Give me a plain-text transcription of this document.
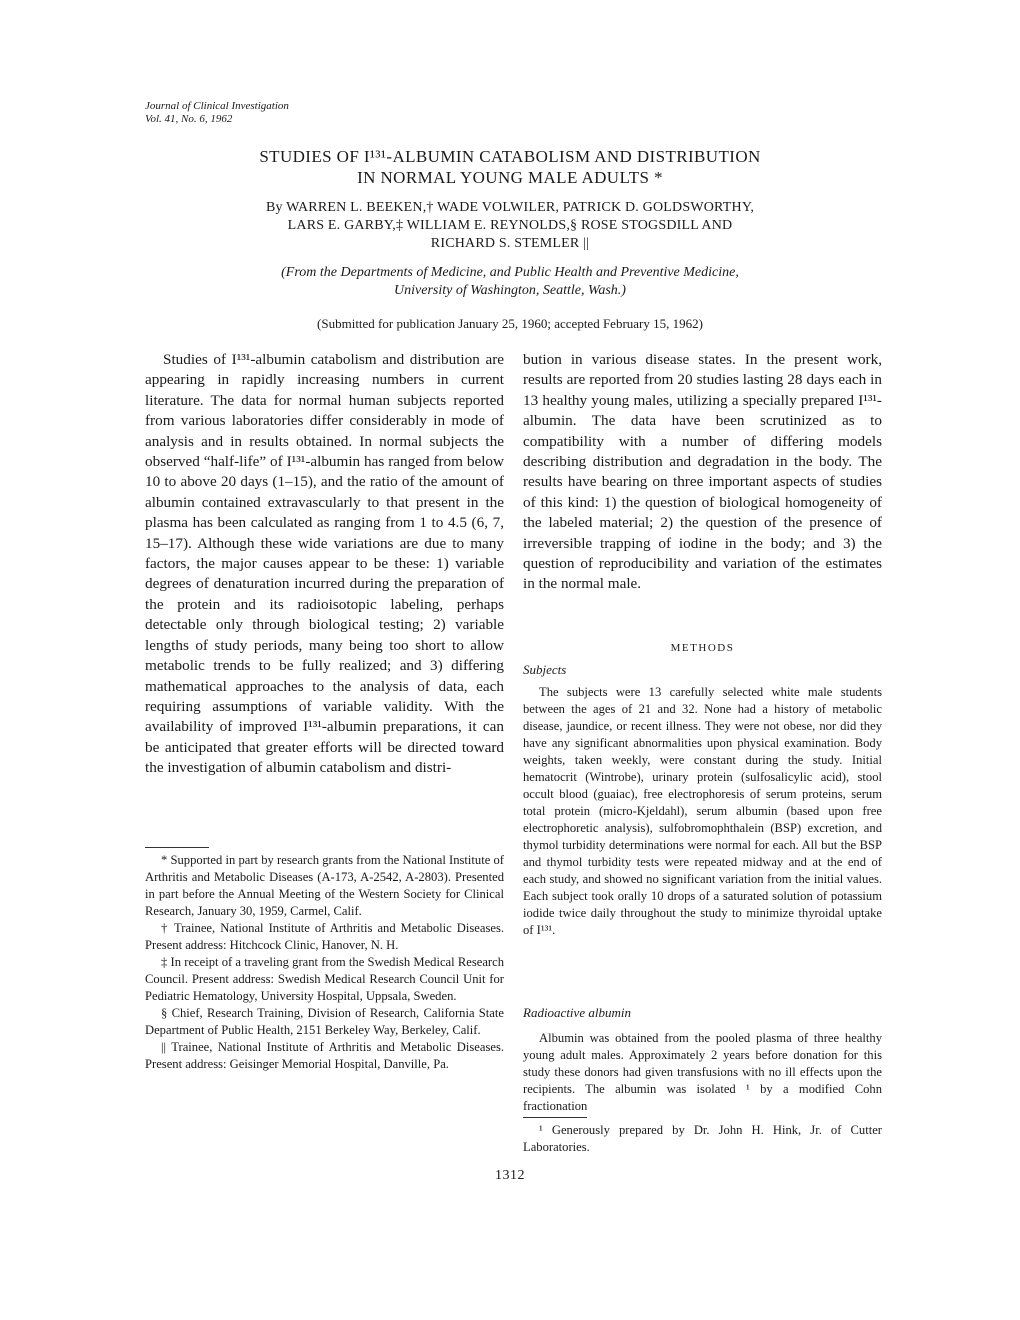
Journal of Clinical Investigation
Vol. 41, No. 6, 1962
STUDIES OF I¹³¹-ALBUMIN CATABOLISM AND DISTRIBUTION
IN NORMAL YOUNG MALE ADULTS *
By WARREN L. BEEKEN,† WADE VOLWILER, PATRICK D. GOLDSWORTHY,
LARS E. GARBY,‡ WILLIAM E. REYNOLDS,§ ROSE STOGSDILL AND
RICHARD S. STEMLER ||
(From the Departments of Medicine, and Public Health and Preventive Medicine,
University of Washington, Seattle, Wash.)
(Submitted for publication January 25, 1960; accepted February 15, 1962)

Studies of I¹³¹-albumin catabolism and distribution are appearing in rapidly increasing numbers in current literature. The data for normal human subjects reported from various laboratories differ considerably in mode of analysis and in results obtained. In normal subjects the observed “half-life” of I¹³¹-albumin has ranged from below 10 to above 20 days (1–15), and the ratio of the amount of albumin contained extravascularly to that present in the plasma has been calculated as ranging from 1 to 4.5 (6, 7, 15–17). Although these wide variations are due to many factors, the major causes appear to be these: 1) variable degrees of denaturation incurred during the preparation of the protein and its radioisotopic labeling, perhaps detectable only through biological testing; 2) variable lengths of study periods, many being too short to allow metabolic trends to be fully realized; and 3) differing mathematical approaches to the analysis of data, each requiring assumptions of variable validity. With the availability of improved I¹³¹-albumin preparations, it can be anticipated that greater efforts will be directed toward the investigation of albumin catabolism and distri-

bution in various disease states. In the present work, results are reported from 20 studies lasting 28 days each in 13 healthy young males, utilizing a specially prepared I¹³¹-albumin. The data have been scrutinized as to compatibility with a number of differing models describing distribution and degradation in the body. The results have bearing on three important aspects of studies of this kind: 1) the question of biological homogeneity of the labeled material; 2) the question of the presence of irreversible trapping of iodine in the body; and 3) the question of reproducibility and variation of the estimates in the normal male.

METHODS
Subjects

The subjects were 13 carefully selected white male students between the ages of 21 and 32. None had a history of metabolic disease, jaundice, or recent illness. They were not obese, nor did they have any significant abnormalities upon physical examination. Body weights, taken weekly, were constant during the study. Initial hematocrit (Wintrobe), urinary protein (sulfosalicylic acid), stool occult blood (guaiac), free electrophoresis of serum proteins, serum total protein (micro-Kjeldahl), serum albumin (based upon free electrophoretic analysis), sulfobromophthalein (BSP) excretion, and thymol turbidity determinations were normal for each. All but the BSP and thymol turbidity tests were repeated midway and at the end of each study, and showed no significant variation from the initial values. Each subject took orally 10 drops of a saturated solution of potassium iodide twice daily throughout the study to minimize thyroidal uptake of I¹³¹.

Radioactive albumin

Albumin was obtained from the pooled plasma of three healthy young adult males. Approximately 2 years before donation for this study these donors had given transfusions with no ill effects upon the recipients. The albumin was isolated ¹ by a modified Cohn fractionation

* Supported in part by research grants from the National Institute of Arthritis and Metabolic Diseases (A-173, A-2542, A-2803). Presented in part before the Annual Meeting of the Western Society for Clinical Research, January 30, 1959, Carmel, Calif.

† Trainee, National Institute of Arthritis and Metabolic Diseases. Present address: Hitchcock Clinic, Hanover, N. H.

‡ In receipt of a traveling grant from the Swedish Medical Research Council. Present address: Swedish Medical Research Council Unit for Pediatric Hematology, University Hospital, Uppsala, Sweden.

§ Chief, Research Training, Division of Research, California State Department of Public Health, 2151 Berkeley Way, Berkeley, Calif.

|| Trainee, National Institute of Arthritis and Metabolic Diseases. Present address: Geisinger Memorial Hospital, Danville, Pa.

¹ Generously prepared by Dr. John H. Hink, Jr. of Cutter Laboratories.

1312
